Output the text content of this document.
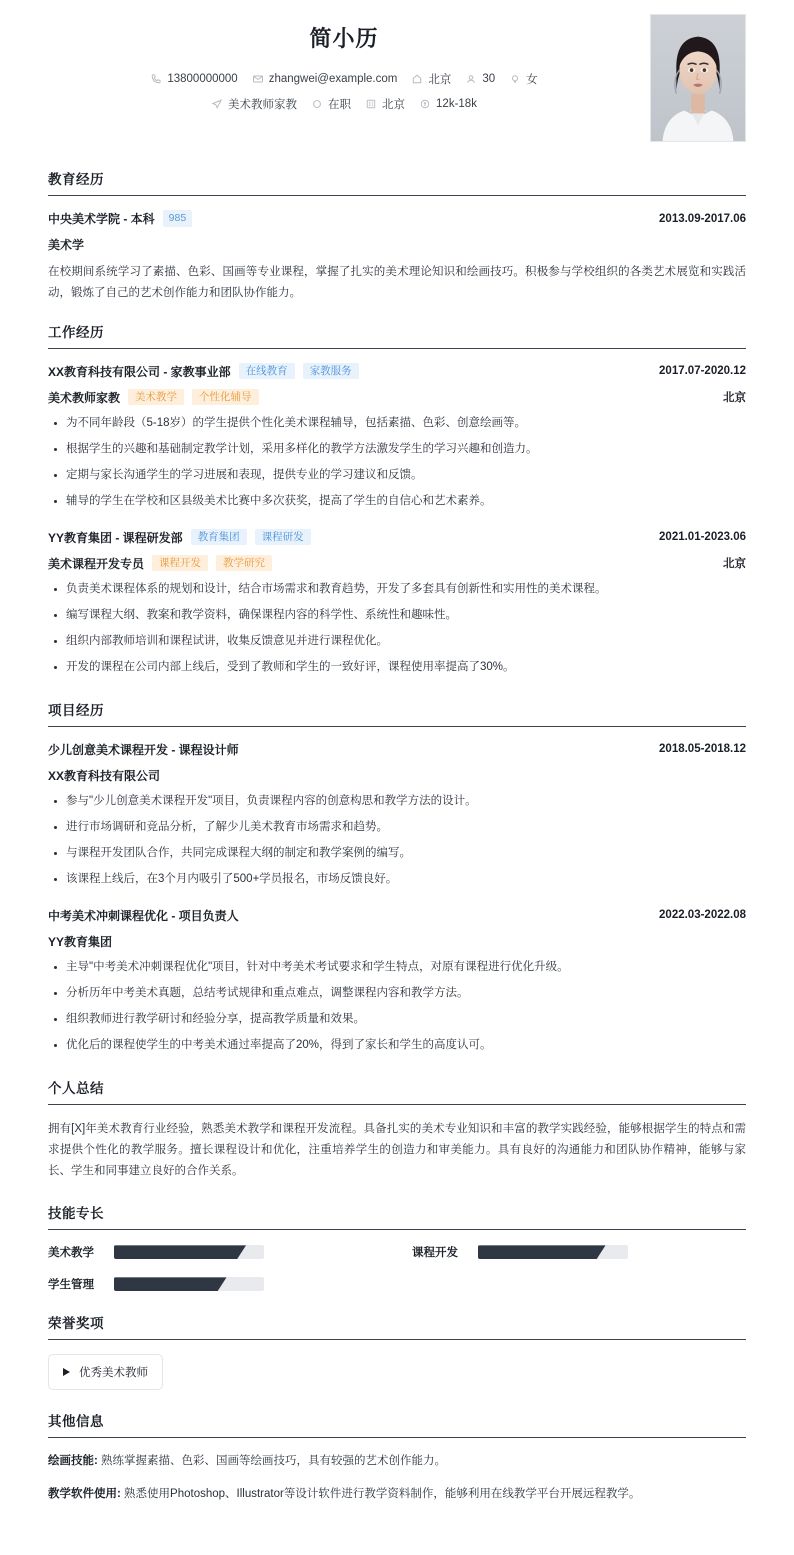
简小历
13800000000	zhangwei@example.com	北京	30	女
美术教师家教	在职	北京	12k-18k
教育经历
中央美术学院 - 本科	985	2013.09-2017.06
美术学
在校期间系统学习了素描、色彩、国画等专业课程，掌握了扎实的美术理论知识和绘画技巧。积极参与学校组织的各类艺术展览和实践活动，锻炼了自己的艺术创作能力和团队协作能力。
工作经历
XX教育科技有限公司 - 家教事业部	在线教育	家教服务	2017.07-2020.12
美术教师家教	美术教学	个性化辅导	北京
为不同年龄段（5-18岁）的学生提供个性化美术课程辅导，包括素描、色彩、创意绘画等。
根据学生的兴趣和基础制定教学计划，采用多样化的教学方法激发学生的学习兴趣和创造力。
定期与家长沟通学生的学习进展和表现，提供专业的学习建议和反馈。
辅导的学生在学校和区县级美术比赛中多次获奖，提高了学生的自信心和艺术素养。
YY教育集团 - 课程研发部	教育集团	课程研发	2021.01-2023.06
美术课程开发专员	课程开发	教学研究	北京
负责美术课程体系的规划和设计，结合市场需求和教育趋势，开发了多套具有创新性和实用性的美术课程。
编写课程大纲、教案和教学资料，确保课程内容的科学性、系统性和趣味性。
组织内部教师培训和课程试讲，收集反馈意见并进行课程优化。
开发的课程在公司内部上线后，受到了教师和学生的一致好评，课程使用率提高了30%。
项目经历
少儿创意美术课程开发 - 课程设计师	2018.05-2018.12
XX教育科技有限公司
参与"少儿创意美术课程开发"项目，负责课程内容的创意构思和教学方法的设计。
进行市场调研和竞品分析，了解少儿美术教育市场需求和趋势。
与课程开发团队合作，共同完成课程大纲的制定和教学案例的编写。
该课程上线后，在3个月内吸引了500+学员报名，市场反馈良好。
中考美术冲刺课程优化 - 项目负责人	2022.03-2022.08
YY教育集团
主导"中考美术冲刺课程优化"项目，针对中考美术考试要求和学生特点，对原有课程进行优化升级。
分析历年中考美术真题，总结考试规律和重点难点，调整课程内容和教学方法。
组织教师进行教学研讨和经验分享，提高教学质量和效果。
优化后的课程使学生的中考美术通过率提高了20%，得到了家长和学生的高度认可。
个人总结
拥有[X]年美术教育行业经验，熟悉美术教学和课程开发流程。具备扎实的美术专业知识和丰富的教学实践经验，能够根据学生的特点和需求提供个性化的教学服务。擅长课程设计和优化，注重培养学生的创造力和审美能力。具有良好的沟通能力和团队协作精神，能够与家长、学生和同事建立良好的合作关系。
技能专长
美术教学	课程开发
学生管理
荣誉奖项
优秀美术教师
其他信息
绘画技能: 熟练掌握素描、色彩、国画等绘画技巧，具有较强的艺术创作能力。
教学软件使用: 熟悉使用Photoshop、Illustrator等设计软件进行教学资料制作，能够利用在线教学平台开展远程教学。
